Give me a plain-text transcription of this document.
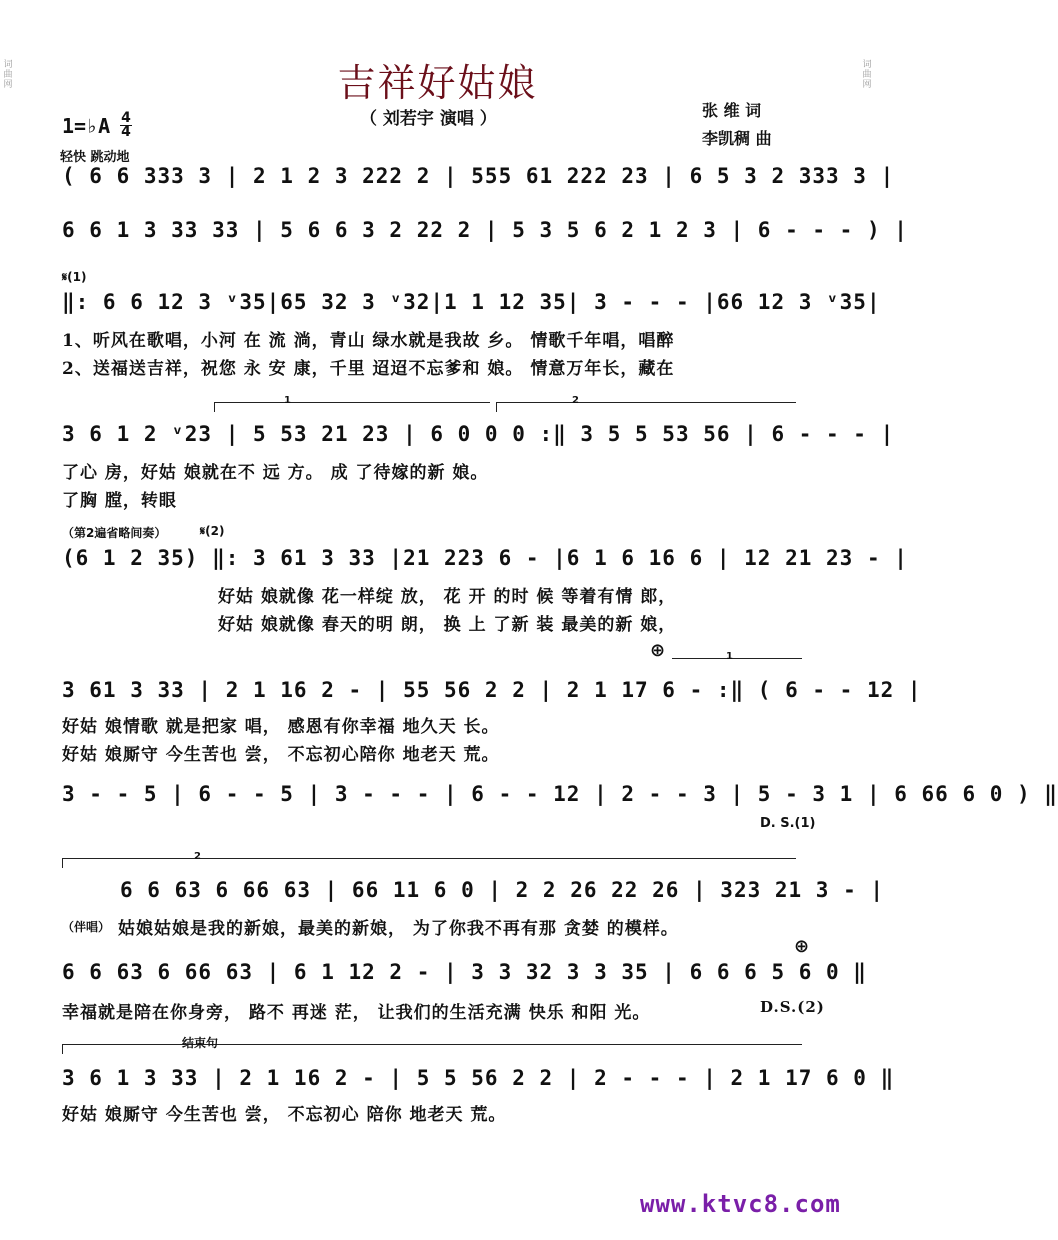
词曲网
词曲网
吉祥好姑娘
（ 刘若宇 演唱 ）	张 维 词
李凯稠 曲
1=♭A 4
4
轻快 跳动地
( 6 6 333 3 | 2 1 2 3 222 2 | 555 61 222 23 | 6 5 3 2 333 3 |
6 6 1 3 33 33 | 5 6 6 3 2 22 2 | 5 3 5 6 2 1 2 3 | 6 - - - ) |
𝄋(1)
‖: 6 6 12 3 ᵛ35|65 32 3 ᵛ32|1 1 12 35| 3 - - - |66 12 3 ᵛ35|
1、听风在歌唱，小河 在 流 淌，青山 绿水就是我故 乡。 情歌千年唱，唱醉
2、送福送吉祥，祝您 永 安 康，千里 迢迢不忘爹和 娘。 情意万年长，藏在
1	2
3 6 1 2 ᵛ23 | 5 53 21 23 | 6 0 0 0 :‖ 3 5 5 53 56 | 6 - - - |
了心 房，好姑 娘就在不 远 方。 成 了待嫁的新 娘。
了胸 膛，转眼
（第2遍省略间奏）	𝄋(2)
(6 1 2 35) ‖: 3 61 3 33 |21 223 6 - |6 1 6 16 6 | 12 21 23 - |
好姑 娘就像 花一样绽 放， 花 开 的时 候 等着有情 郎，
好姑 娘就像 春天的明 朗， 换 上 了新 装 最美的新 娘，
⊕	1
3 61 3 33 | 2 1 16 2 - | 55 56 2 2 | 2 1 17 6 - :‖ ( 6 - - 12 |
好姑 娘情歌 就是把家 唱， 感恩有你幸福 地久天 长。
好姑 娘厮守 今生苦也 尝， 不忘初心陪你 地老天 荒。
3 - - 5 | 6 - - 5 | 3 - - - | 6 - - 12 | 2 - - 3 | 5 - 3 1 | 6 66 6 0 ) ‖
D. S.(1)
2
6 6 63 6 66 63 | 66 11 6 0 | 2 2 26 22 26 | 323 21 3 - |
（伴唱） 姑娘姑娘是我的新娘，最美的新娘， 为了你我不再有那 贪婪 的模样。
⊕
6 6 63 6 66 63 | 6 1 12 2 - | 3 3 32 3 3 35 | 6 6 6 5 6 0 ‖
幸福就是陪在你身旁， 路不 再迷 茫， 让我们的生活充满 快乐 和阳 光。	D.S.(2)
结束句
3 6 1 3 33 | 2 1 16 2 - | 5 5 56 2 2 | 2 - - - | 2 1 17 6 0 ‖
好姑 娘厮守 今生苦也 尝， 不忘初心 陪你 地老天 荒。
www.ktvc8.com
